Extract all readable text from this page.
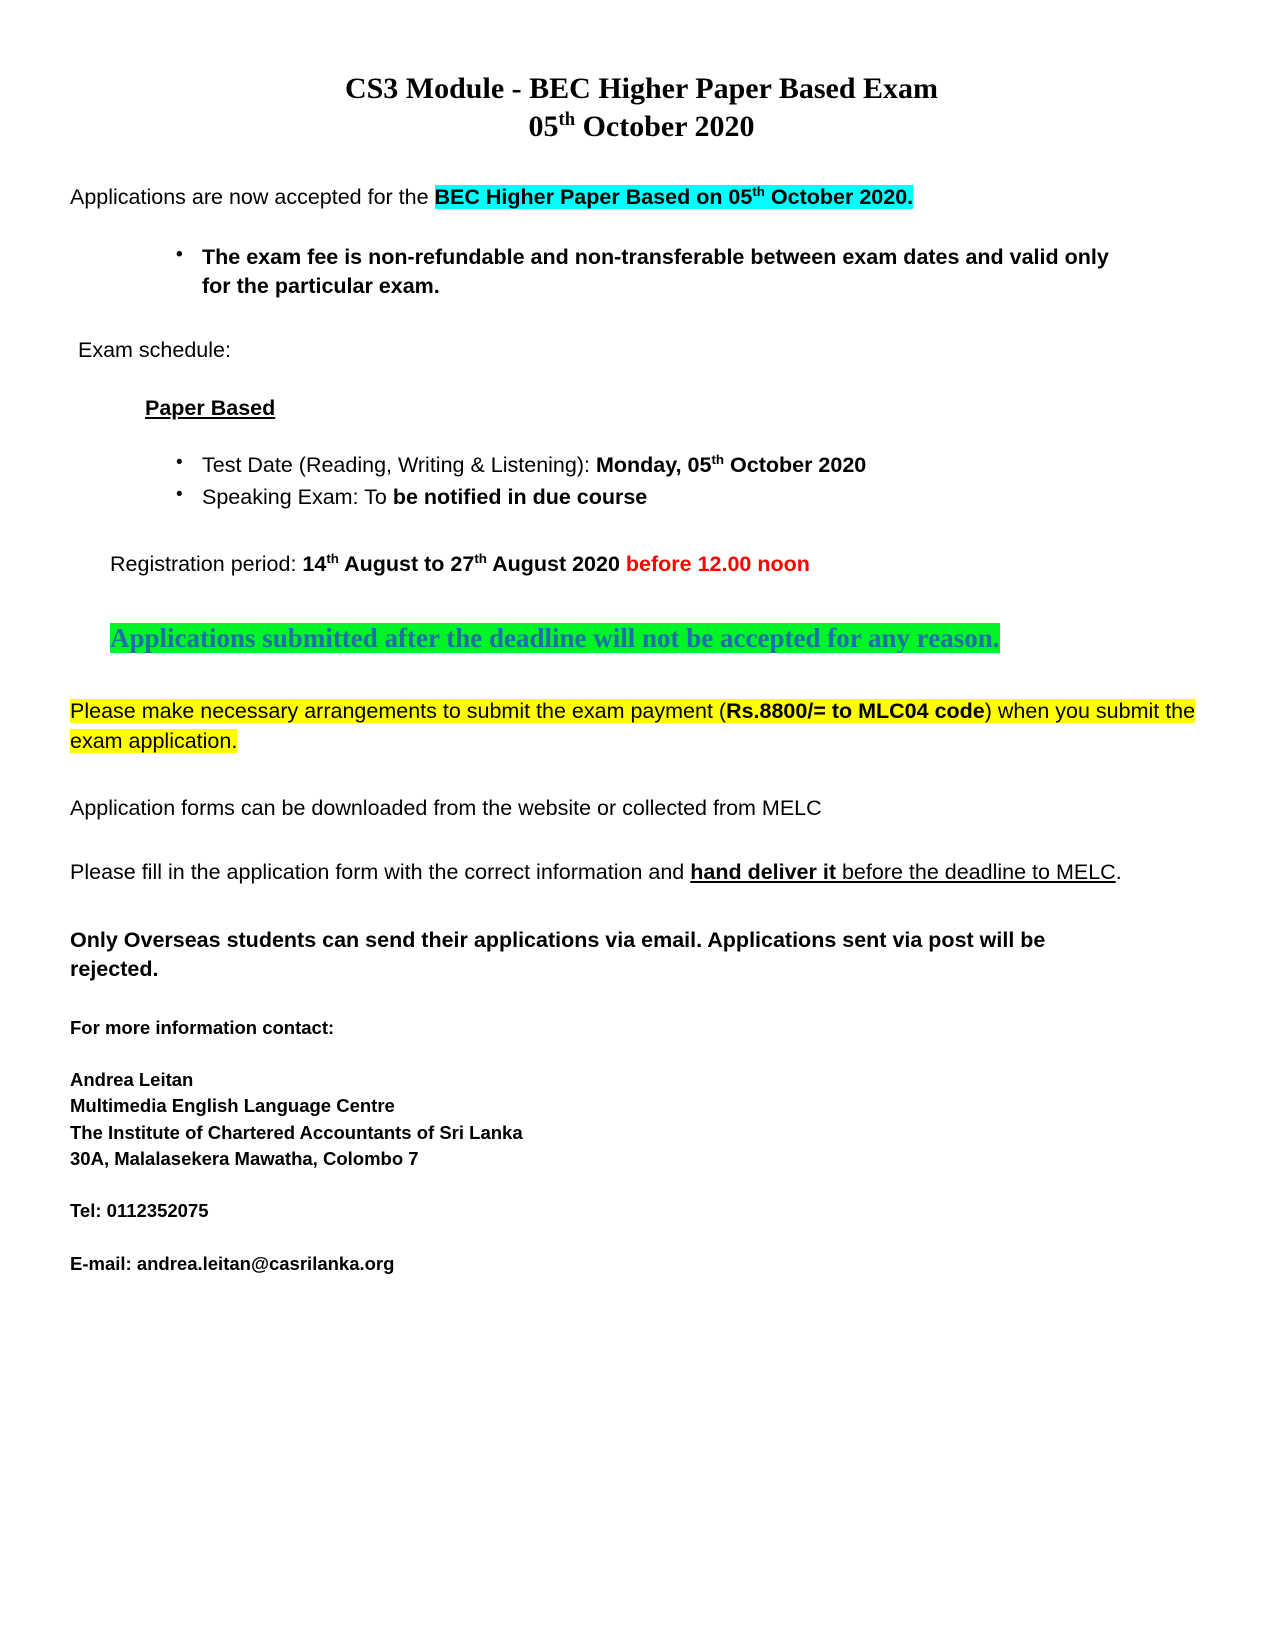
CS3 Module - BEC Higher Paper Based Exam
05th October 2020

Applications are now accepted for the BEC Higher Paper Based on 05th October 2020.

• The exam fee is non-refundable and non-transferable between exam dates and valid only for the particular exam.

Exam schedule:

Paper Based
• Test Date (Reading, Writing & Listening): Monday, 05th October 2020
• Speaking Exam: To be notified in due course

Registration period: 14th August to 27th August 2020 before 12.00 noon

Applications submitted after the deadline will not be accepted for any reason.

Please make necessary arrangements to submit the exam payment (Rs.8800/= to MLC04 code) when you submit the exam application.

Application forms can be downloaded from the website or collected from MELC

Please fill in the application form with the correct information and hand deliver it before the deadline to MELC.

Only Overseas students can send their applications via email. Applications sent via post will be rejected.

For more information contact:

Andrea Leitan
Multimedia English Language Centre
The Institute of Chartered Accountants of Sri Lanka
30A, Malalasekera Mawatha, Colombo 7

Tel: 0112352075

E-mail: andrea.leitan@casrilanka.org
